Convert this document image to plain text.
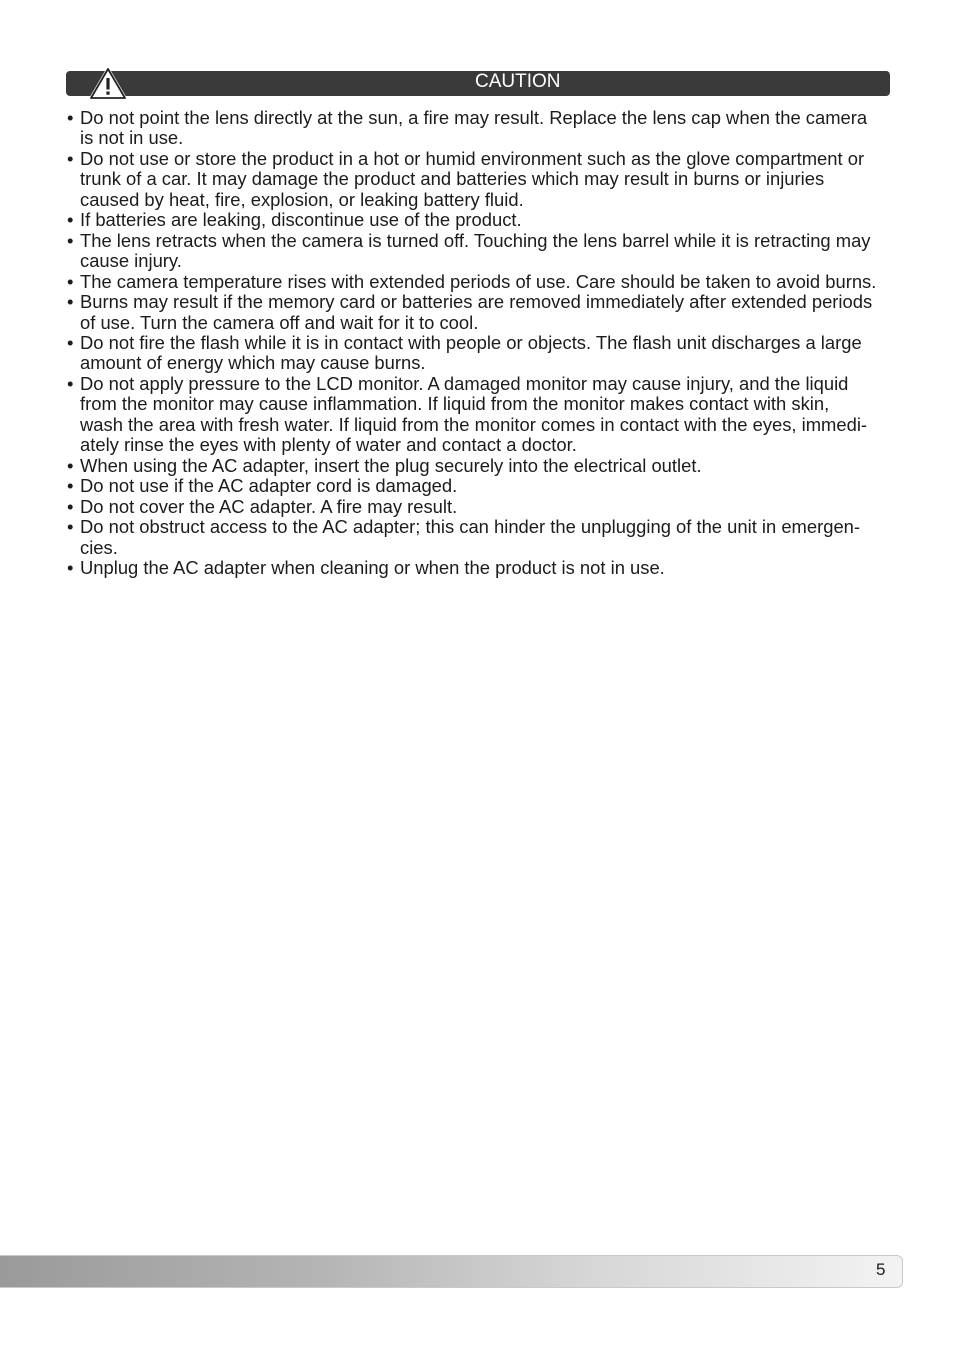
CAUTION
• Do not point the lens directly at the sun, a fire may result. Replace the lens cap when the camera
is not in use.
• Do not use or store the product in a hot or humid environment such as the glove compartment or
trunk of a car. It may damage the product and batteries which may result in burns or injuries
caused by heat, fire, explosion, or leaking battery fluid.
• If batteries are leaking, discontinue use of the product.
• The lens retracts when the camera is turned off. Touching the lens barrel while it is retracting may
cause injury.
• The camera temperature rises with extended periods of use. Care should be taken to avoid burns.
• Burns may result if the memory card or batteries are removed immediately after extended periods
of use. Turn the camera off and wait for it to cool.
• Do not fire the flash while it is in contact with people or objects. The flash unit discharges a large
amount of energy which may cause burns.
• Do not apply pressure to the LCD monitor. A damaged monitor may cause injury, and the liquid
from the monitor may cause inflammation. If liquid from the monitor makes contact with skin,
wash the area with fresh water. If liquid from the monitor comes in contact with the eyes, immedi-
ately rinse the eyes with plenty of water and contact a doctor.
• When using the AC adapter, insert the plug securely into the electrical outlet.
• Do not use if the AC adapter cord is damaged.
• Do not cover the AC adapter. A fire may result.
• Do not obstruct access to the AC adapter; this can hinder the unplugging of the unit in emergen-
cies.
• Unplug the AC adapter when cleaning or when the product is not in use.
5
